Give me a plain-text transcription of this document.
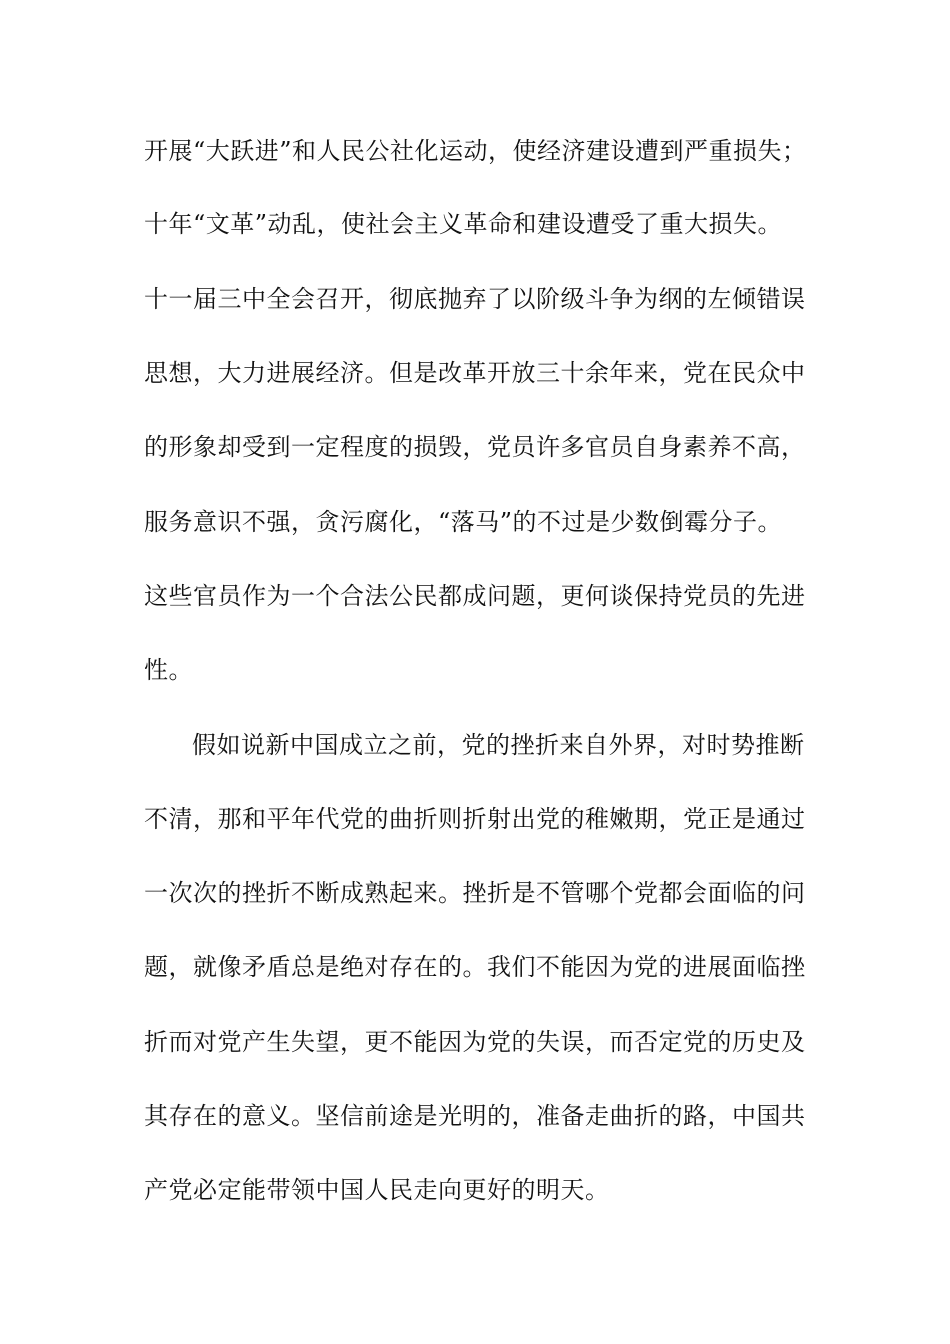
开展“大跃进”和人民公社化运动，使经济建设遭到严重损失；
十年“文革”动乱，使社会主义革命和建设遭受了重大损失。
十一届三中全会召开，彻底抛弃了以阶级斗争为纲的左倾错误
思想，大力进展经济。但是改革开放三十余年来，党在民众中
的形象却受到一定程度的损毁，党员许多官员自身素养不高，
服务意识不强，贪污腐化，“落马”的不过是少数倒霉分子。
这些官员作为一个合法公民都成问题，更何谈保持党员的先进
性。
假如说新中国成立之前，党的挫折来自外界，对时势推断
不清，那和平年代党的曲折则折射出党的稚嫩期，党正是通过
一次次的挫折不断成熟起来。挫折是不管哪个党都会面临的问
题，就像矛盾总是绝对存在的。我们不能因为党的进展面临挫
折而对党产生失望，更不能因为党的失误，而否定党的历史及
其存在的意义。坚信前途是光明的，准备走曲折的路，中国共
产党必定能带领中国人民走向更好的明天。
